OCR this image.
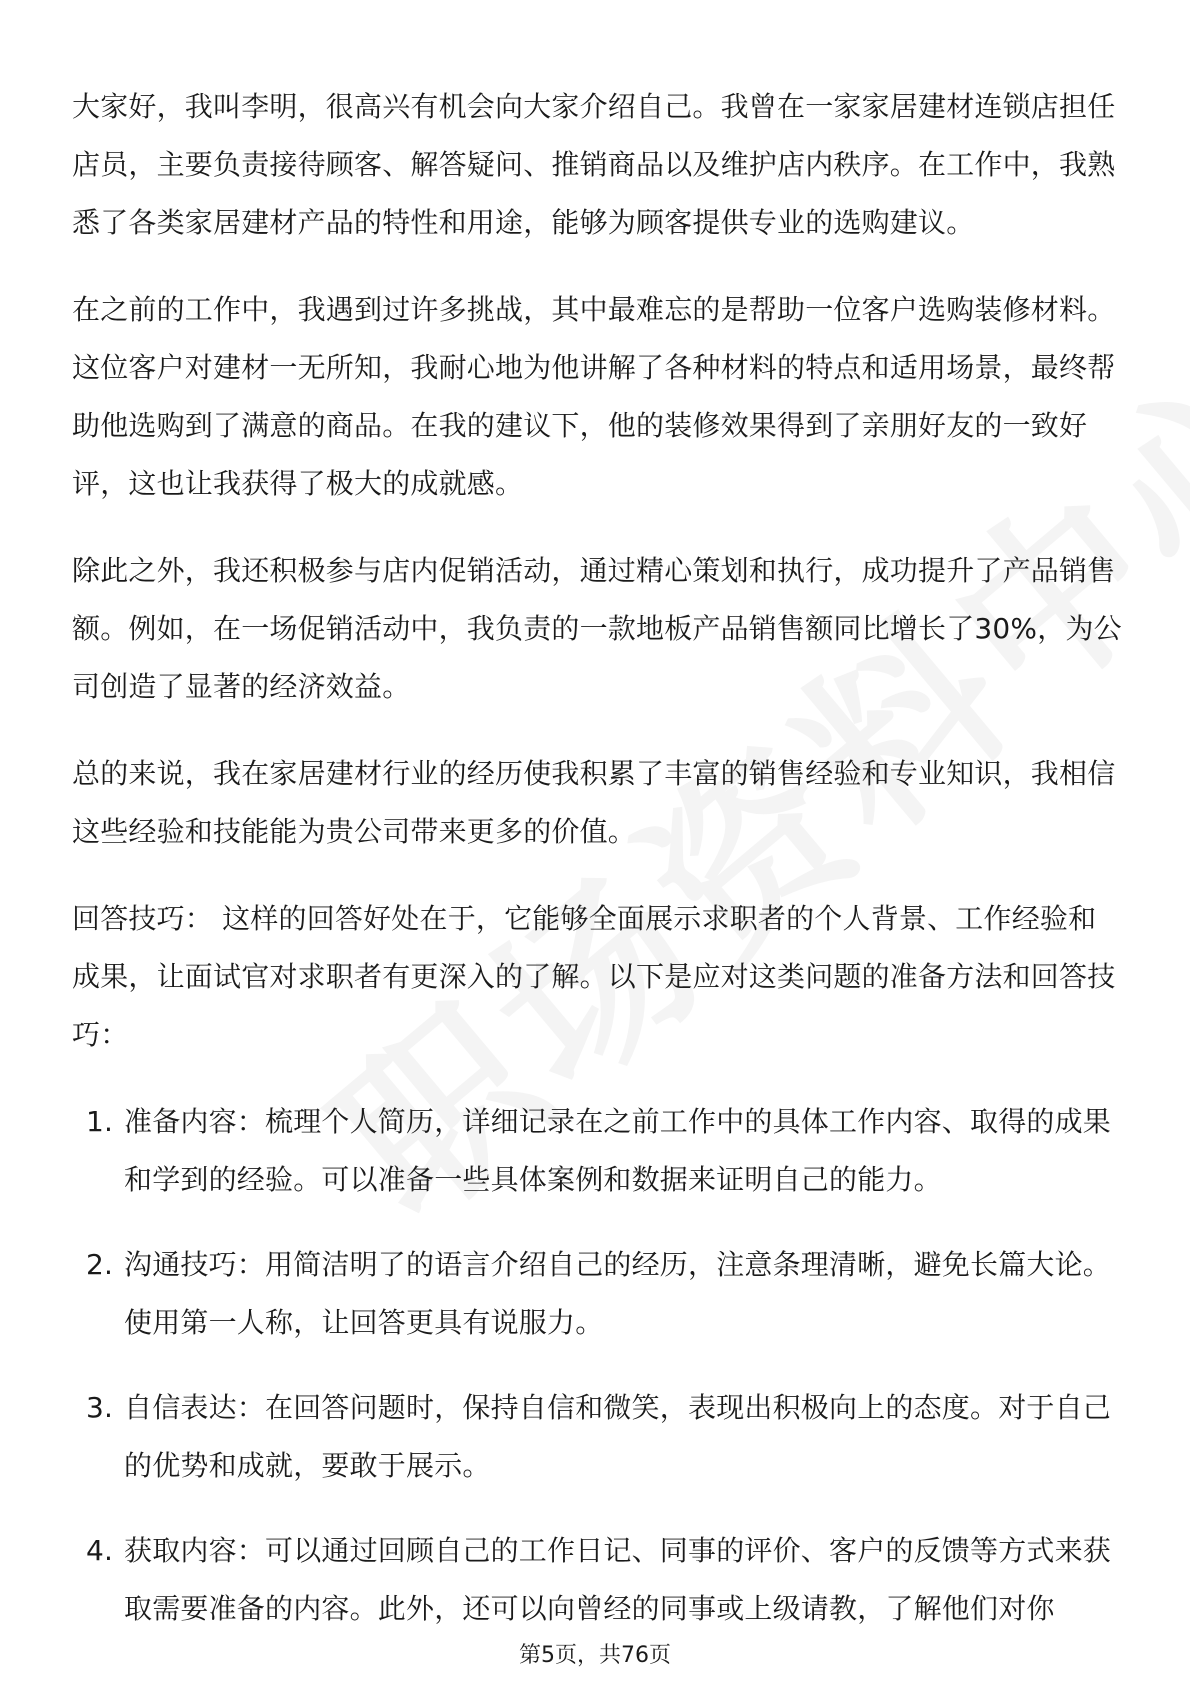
大家好，我叫李明，很高兴有机会向大家介绍自己。我曾在一家家居建材连锁店担任店员，主要负责接待顾客、解答疑问、推销商品以及维护店内秩序。在工作中，我熟悉了各类家居建材产品的特性和用途，能够为顾客提供专业的选购建议。

在之前的工作中，我遇到过许多挑战，其中最难忘的是帮助一位客户选购装修材料。这位客户对建材一无所知，我耐心地为他讲解了各种材料的特点和适用场景，最终帮助他选购到了满意的商品。在我的建议下，他的装修效果得到了亲朋好友的一致好评，这也让我获得了极大的成就感。

除此之外，我还积极参与店内促销活动，通过精心策划和执行，成功提升了产品销售额。例如，在一场促销活动中，我负责的一款地板产品销售额同比增长了30%，为公司创造了显著的经济效益。

总的来说，我在家居建材行业的经历使我积累了丰富的销售经验和专业知识，我相信这些经验和技能能为贵公司带来更多的价值。

回答技巧： 这样的回答好处在于，它能够全面展示求职者的个人背景、工作经验和成果，让面试官对求职者有更深入的了解。以下是应对这类问题的准备方法和回答技巧：

1. 准备内容：梳理个人简历，详细记录在之前工作中的具体工作内容、取得的成果和学到的经验。可以准备一些具体案例和数据来证明自己的能力。
2. 沟通技巧：用简洁明了的语言介绍自己的经历，注意条理清晰，避免长篇大论。使用第一人称，让回答更具有说服力。
3. 自信表达：在回答问题时，保持自信和微笑，表现出积极向上的态度。对于自己的优势和成就，要敢于展示。
4. 获取内容：可以通过回顾自己的工作日记、同事的评价、客户的反馈等方式来获取需要准备的内容。此外，还可以向曾经的同事或上级请教，了解他们对你
第5页，共76页
